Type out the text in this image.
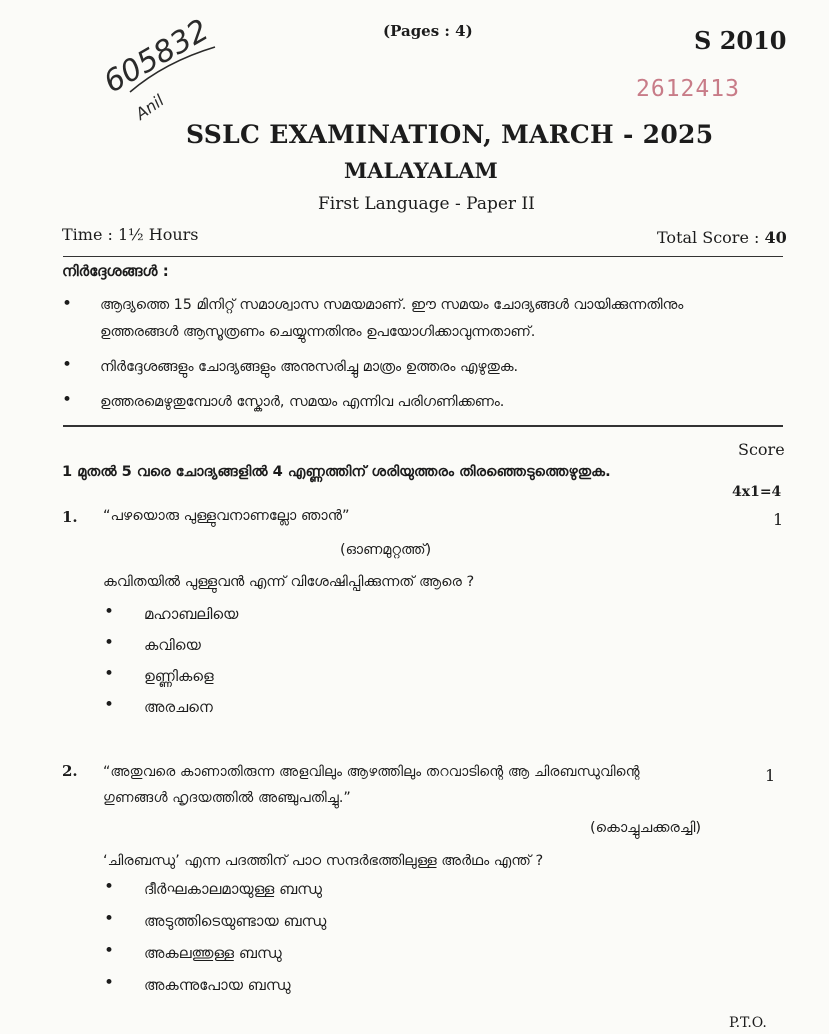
(Pages : 4)	S 2010
2612413
605832
Anil
SSLC EXAMINATION, MARCH - 2025
MALAYALAM
First Language - Paper II
Time : 1½ Hours	Total Score : 40
നിർദ്ദേശങ്ങൾ :
• ആദ്യത്തെ 15 മിനിറ്റ് സമാശ്വാസ സമയമാണ്. ഈ സമയം ചോദ്യങ്ങൾ വായിക്കുന്നതിനും
ഉത്തരങ്ങൾ ആസൂത്രണം ചെയ്യുന്നതിനും ഉപയോഗിക്കാവുന്നതാണ്.
• നിർദ്ദേശങ്ങളും ചോദ്യങ്ങളും അനുസരിച്ചു മാത്രം ഉത്തരം എഴുതുക.
• ഉത്തരമെഴുതുമ്പോൾ സ്കോർ, സമയം എന്നിവ പരിഗണിക്കണം.
Score
1 മുതൽ 5 വരെ ചോദ്യങ്ങളിൽ 4 എണ്ണത്തിന് ശരിയുത്തരം തിരഞ്ഞെടുത്തെഴുതുക.
4x1=4
1. “പഴയൊരു പുള്ളുവനാണല്ലോ ഞാൻ”	1
(ഓണമുറ്റത്ത്)
കവിതയിൽ പുള്ളുവൻ എന്ന് വിശേഷിപ്പിക്കുന്നത് ആരെ ?
• മഹാബലിയെ
• കവിയെ
• ഉണ്ണികളെ
• അരചനെ
2. “അതുവരെ കാണാതിരുന്ന അളവിലും ആഴത്തിലും തറവാടിന്റെ ആ ചിരബന്ധുവിന്റെ	1
ഗുണങ്ങൾ ഹൃദയത്തിൽ അഞ്ചുപതിച്ചു.”
(കൊച്ചുചക്കരച്ചി)
‘ചിരബന്ധു’ എന്ന പദത്തിന് പാഠ സന്ദർഭത്തിലുള്ള അർഥം എന്ത് ?
• ദീർഘകാലമായുള്ള ബന്ധു
• അടുത്തിടെയുണ്ടായ ബന്ധു
• അകലത്തുള്ള ബന്ധു
• അകന്നുപോയ ബന്ധു
P.T.O.
